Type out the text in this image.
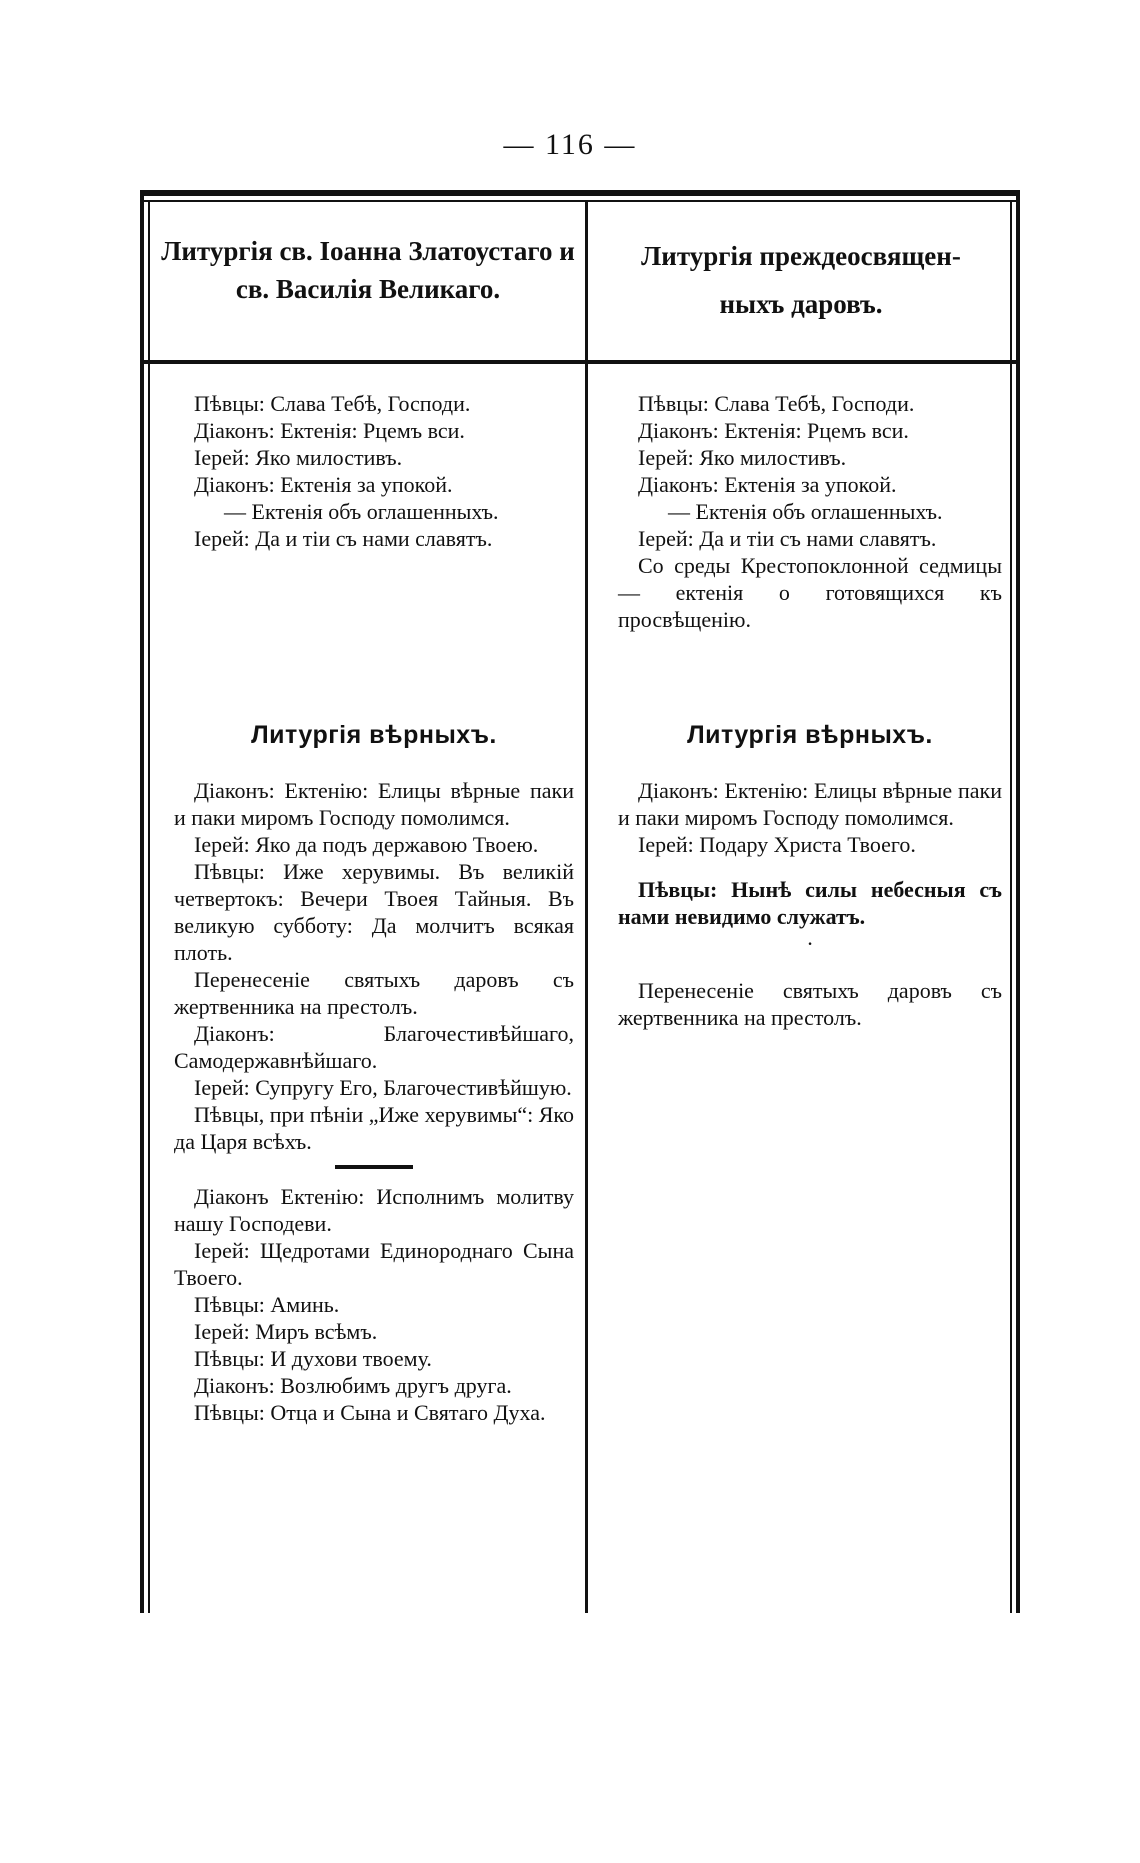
— 116 —
Литургія св. Іоанна Златоустаго и св. Василія Великаго.
Литургія преждеосвящен-
ныхъ даровъ.

Пѣвцы: Слава Тебѣ, Господи.

Діаконъ: Ектенія: Рцемъ вси.

Іерей: Яко милостивъ.

Діаконъ: Ектенія за упокой.

— Ектенія объ оглашенныхъ.

Іерей: Да и тіи съ нами славятъ.

Литургія вѣрныхъ.

Діаконъ: Ектенію: Елицы вѣрные паки и паки миромъ Господу помолимся.

Іерей: Яко да подъ державою Твоею.

Пѣвцы: Иже херувимы. Въ великій четвертокъ: Вечери Твоея Тайныя. Въ великую субботу: Да молчитъ всякая плоть.

Перенесеніе святыхъ даровъ съ жертвенника на престолъ.

Діаконъ: Благочестивѣйшаго, Самодержавнѣйшаго.

Іерей: Супругу Его, Благочестивѣйшую.

Пѣвцы, при пѣніи „Иже херувимы“: Яко да Царя всѣхъ.

Діаконъ Ектенію: Исполнимъ молитву нашу Господеви.

Іерей: Щедротами Единороднаго Сына Твоего.

Пѣвцы: Аминь.

Іерей: Миръ всѣмъ.

Пѣвцы: И духови твоему.

Діаконъ: Возлюбимъ другъ друга.

Пѣвцы: Отца и Сына и Святаго Духа.

Пѣвцы: Слава Тебѣ, Господи.

Діаконъ: Ектенія: Рцемъ вси.

Іерей: Яко милостивъ.

Діаконъ: Ектенія за упокой.

— Ектенія объ оглашенныхъ.

Іерей: Да и тіи съ нами славятъ.

Со среды Крестопоклонной седмицы — ектенія о готовящихся къ просвѣщенію.

Литургія вѣрныхъ.

Діаконъ: Ектенію: Елицы вѣрные паки и паки миромъ Господу помолимся.

Іерей: Подару Христа Твоего.

Пѣвцы: Нынѣ силы небесныя съ нами невидимо служатъ.

·

Перенесеніе святыхъ даровъ съ жертвенника на престолъ.
